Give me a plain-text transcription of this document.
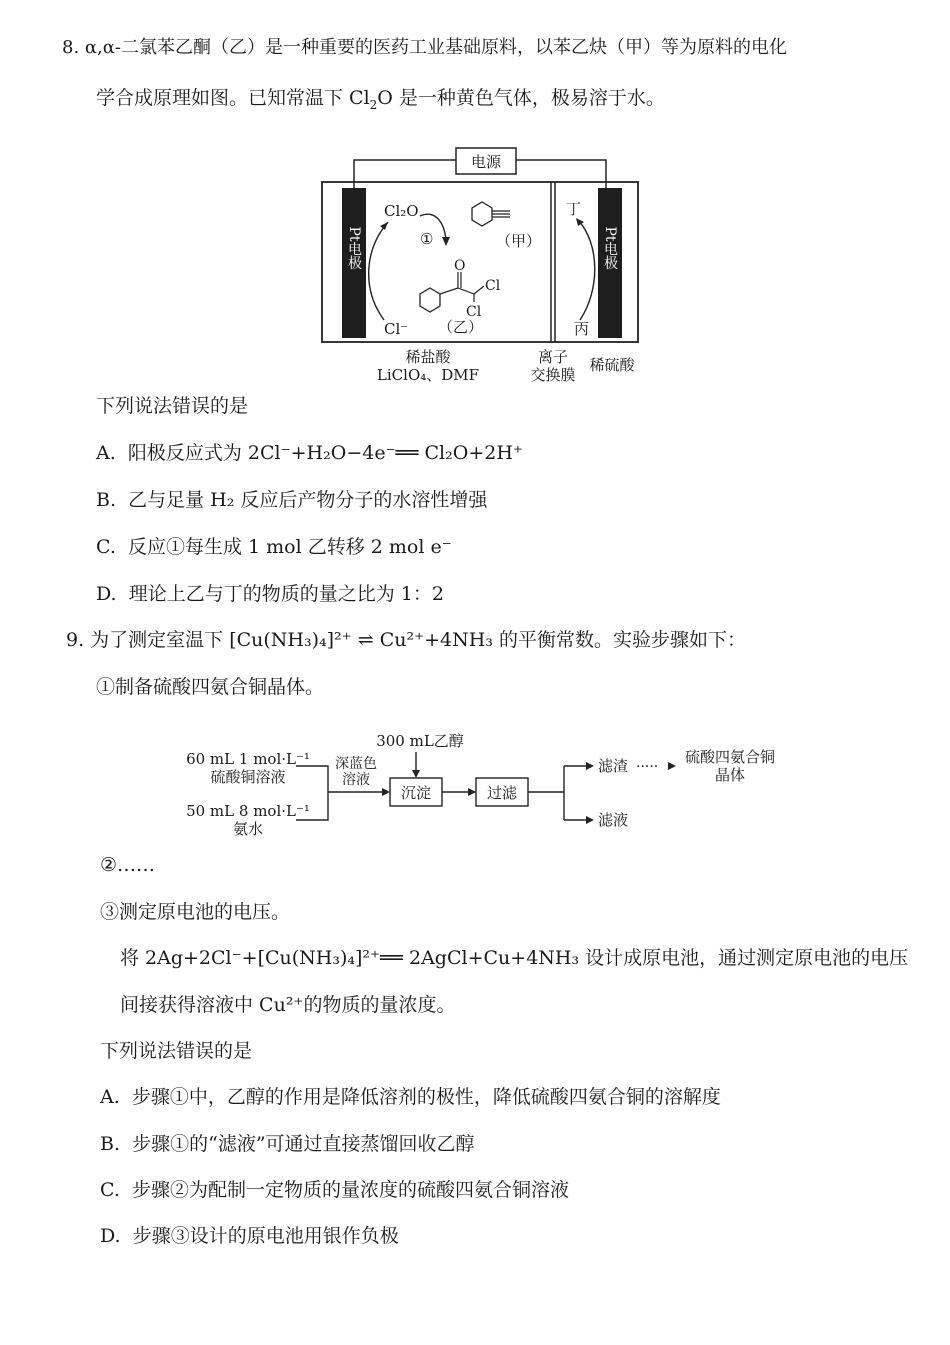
8. α,α-二氯苯乙酮（乙）是一种重要的医药工业基础原料，以苯乙炔（甲）等为原料的电化
学合成原理如图。已知常温下 $Cl_2O$ 是一种黄色气体，极易溶于水。
电源
Pt电极	Pt电极
Cl₂O
Cl⁻
①	（甲）
O
Cl
Cl
（乙）
丁
丙
稀盐酸
LiClO₄、DMF
离子
交换膜
稀硫酸
下列说法错误的是
A. 阳极反应式为 2Cl⁻+H₂O−4e⁻══ Cl₂O+2H⁺
B. 乙与足量 H₂ 反应后产物分子的水溶性增强
C. 反应①每生成 1 mol 乙转移 2 mol e⁻
D. 理论上乙与丁的物质的量之比为 1：2
9. 为了测定室温下 [Cu(NH₃)₄]²⁺ ⇌ Cu²⁺+4NH₃ 的平衡常数。实验步骤如下：
①制备硫酸四氨合铜晶体。
60 mL 1 mol·L⁻¹
硫酸铜溶液
50 mL 8 mol·L⁻¹
氨水
深蓝色
溶液
300 mL乙醇
沉淀	过滤
滤渣 ·····
硫酸四氨合铜
晶体
滤液
②……
③测定原电池的电压。
将 2Ag+2Cl⁻+[Cu(NH₃)₄]²⁺══ 2AgCl+Cu+4NH₃ 设计成原电池，通过测定原电池的电压
间接获得溶液中 Cu²⁺的物质的量浓度。
下列说法错误的是
A. 步骤①中，乙醇的作用是降低溶剂的极性，降低硫酸四氨合铜的溶解度
B. 步骤①的“滤液”可通过直接蒸馏回收乙醇
C. 步骤②为配制一定物质的量浓度的硫酸四氨合铜溶液
D. 步骤③设计的原电池用银作负极
